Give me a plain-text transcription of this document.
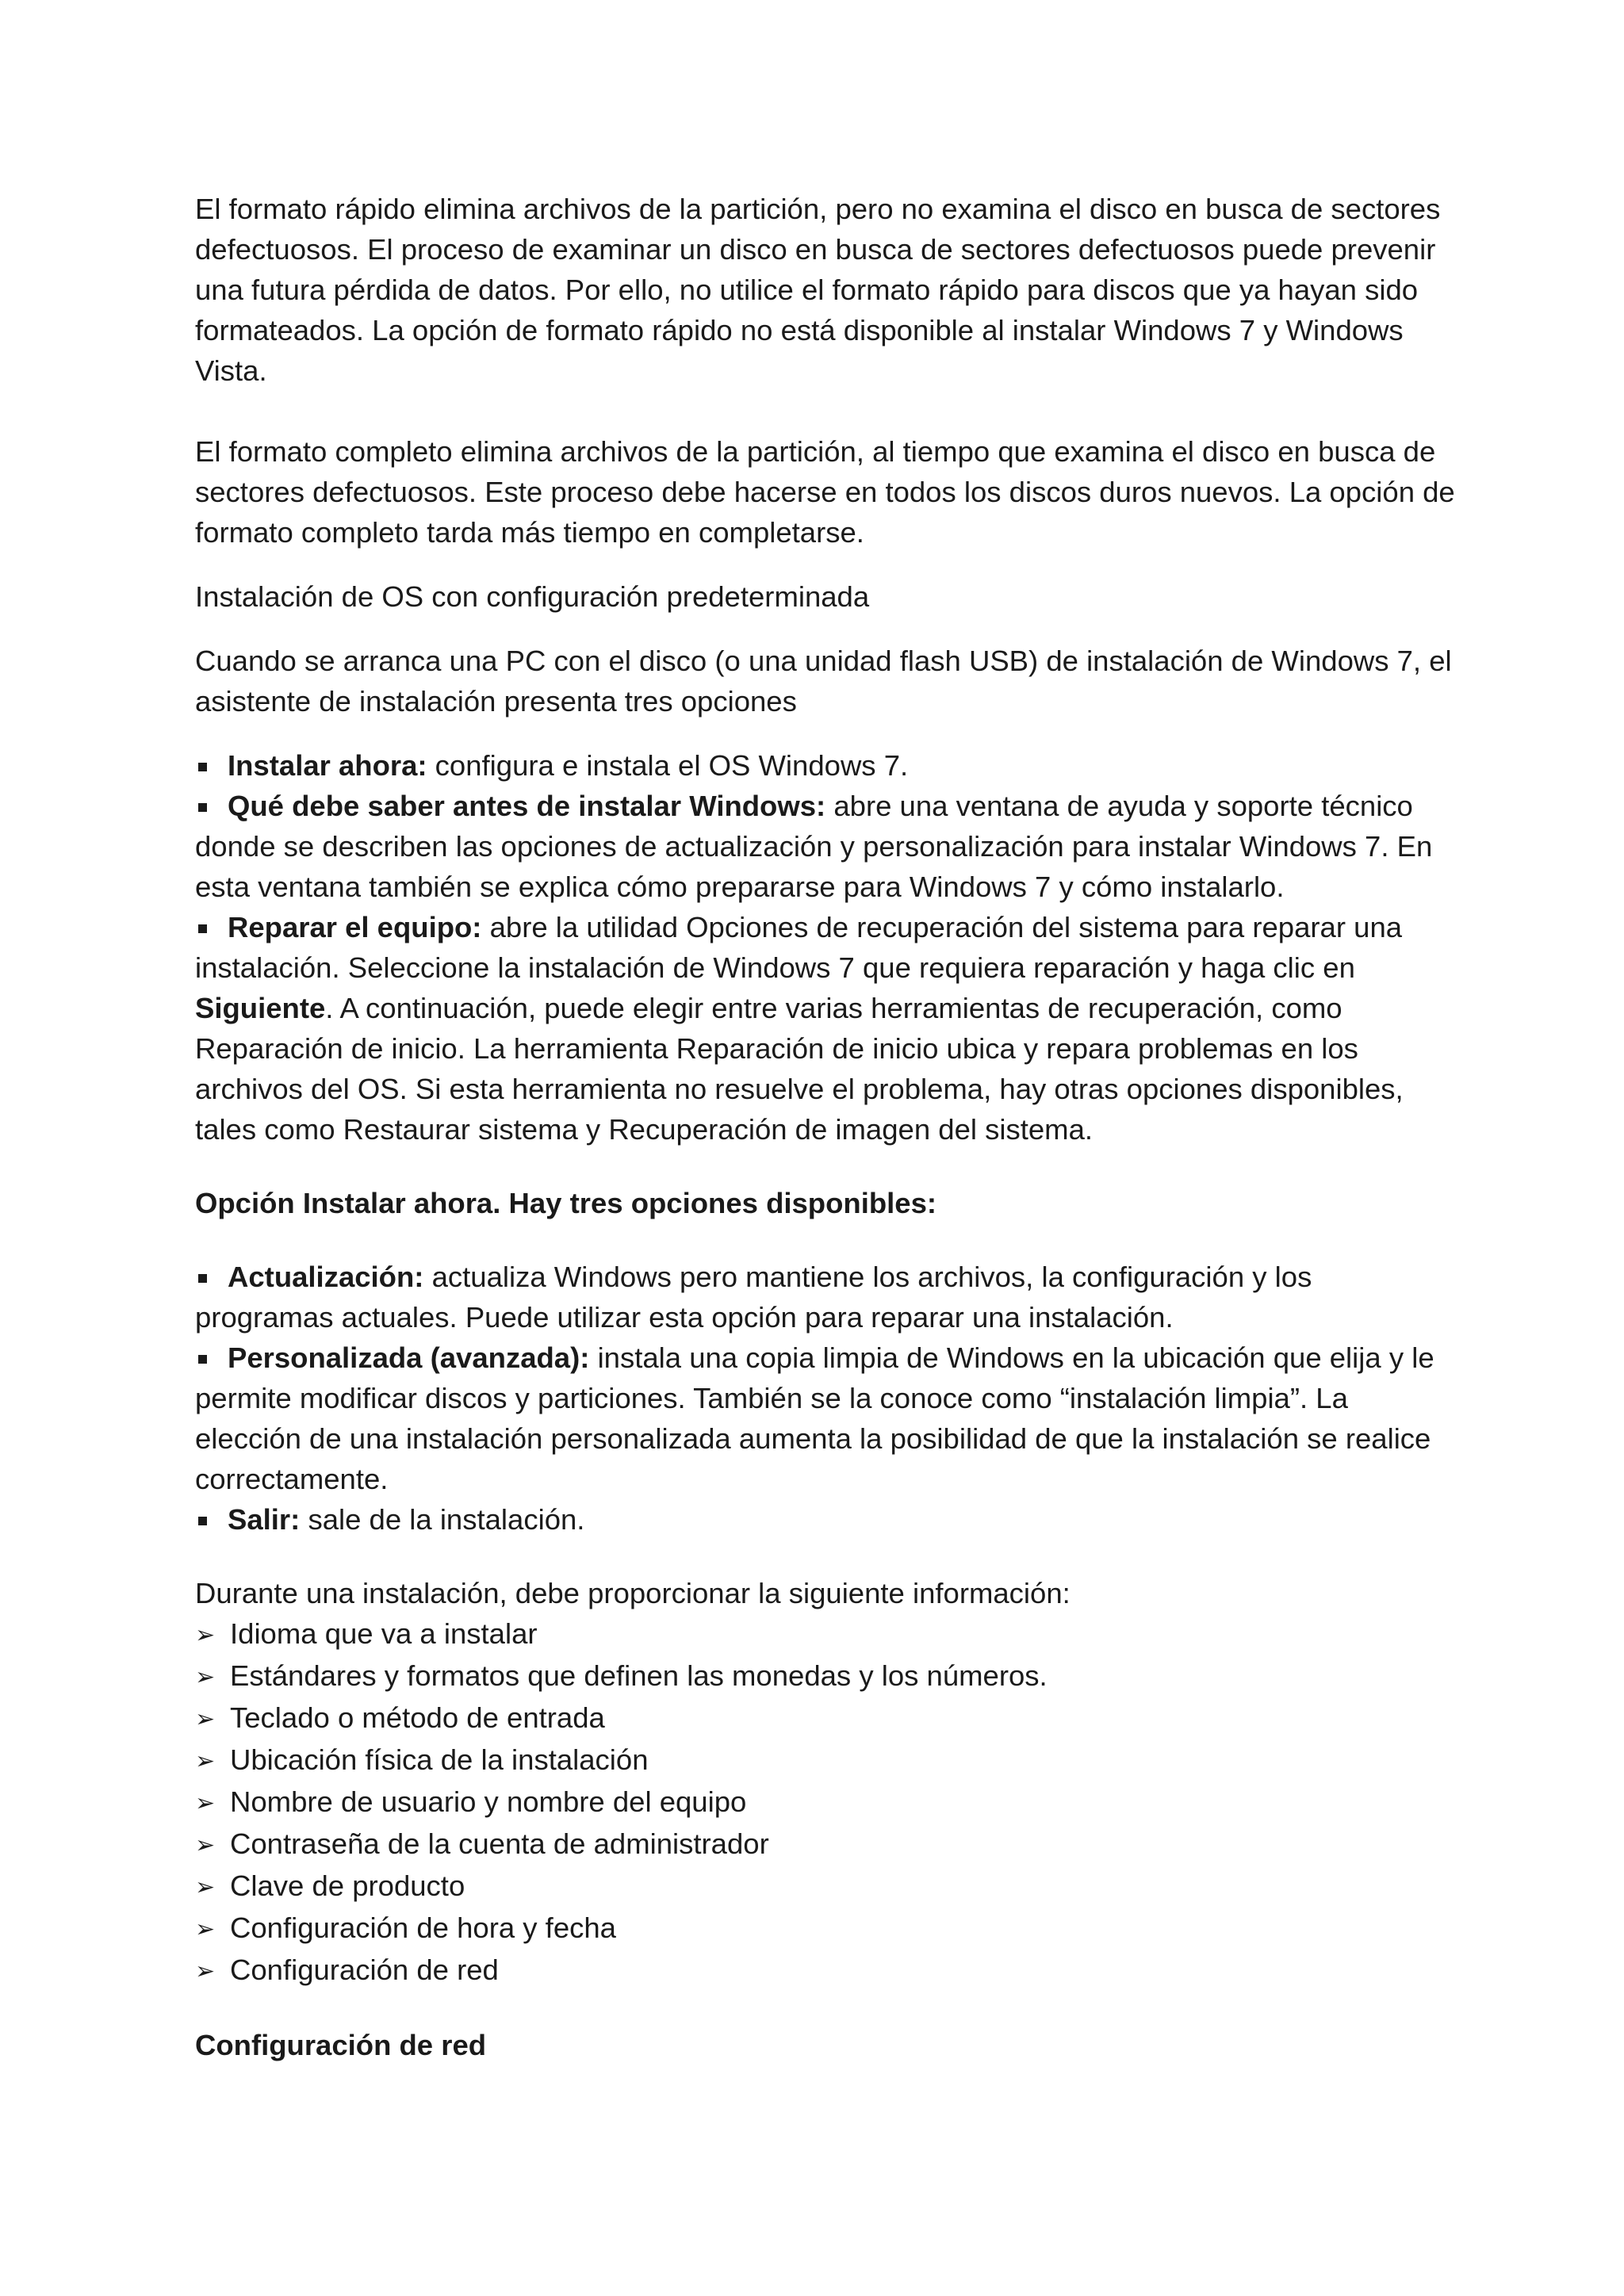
El formato rápido elimina archivos de la partición, pero no examina el disco en busca de sectores defectuosos. El proceso de examinar un disco en busca de sectores defectuosos puede prevenir una futura pérdida de datos. Por ello, no utilice el formato rápido para discos que ya hayan sido formateados. La opción de formato rápido no está disponible al instalar Windows 7 y Windows Vista.

El formato completo elimina archivos de la partición, al tiempo que examina el disco en busca de sectores defectuosos. Este proceso debe hacerse en todos los discos duros nuevos. La opción de formato completo tarda más tiempo en completarse.

Instalación de OS con configuración predeterminada

Cuando se arranca una PC con el disco (o una unidad flash USB) de instalación de Windows 7, el asistente de instalación presenta tres opciones

Instalar ahora: configura e instala el OS Windows 7.

Qué debe saber antes de instalar Windows: abre una ventana de ayuda y soporte técnico donde se describen las opciones de actualización y personalización para instalar Windows 7. En esta ventana también se explica cómo prepararse para Windows 7 y cómo instalarlo.

Reparar el equipo: abre la utilidad Opciones de recuperación del sistema para reparar una instalación. Seleccione la instalación de Windows 7 que requiera reparación y haga clic en Siguiente. A continuación, puede elegir entre varias herramientas de recuperación, como Reparación de inicio. La herramienta Reparación de inicio ubica y repara problemas en los archivos del OS. Si esta herramienta no resuelve el problema, hay otras opciones disponibles, tales como Restaurar sistema y Recuperación de imagen del sistema.

Opción Instalar ahora. Hay tres opciones disponibles:

Actualización: actualiza Windows pero mantiene los archivos, la configuración y los programas actuales. Puede utilizar esta opción para reparar una instalación.

Personalizada (avanzada): instala una copia limpia de Windows en la ubicación que elija y le permite modificar discos y particiones. También se la conoce como “instalación limpia”. La elección de una instalación personalizada aumenta la posibilidad de que la instalación se realice correctamente.

Salir: sale de la instalación.

Durante una instalación, debe proporcionar la siguiente información:

➢ Idioma que va a instalar
➢ Estándares y formatos que definen las monedas y los números.
➢ Teclado o método de entrada
➢ Ubicación física de la instalación
➢ Nombre de usuario y nombre del equipo
➢ Contraseña de la cuenta de administrador
➢ Clave de producto
➢ Configuración de hora y fecha
➢ Configuración de red

Configuración de red
